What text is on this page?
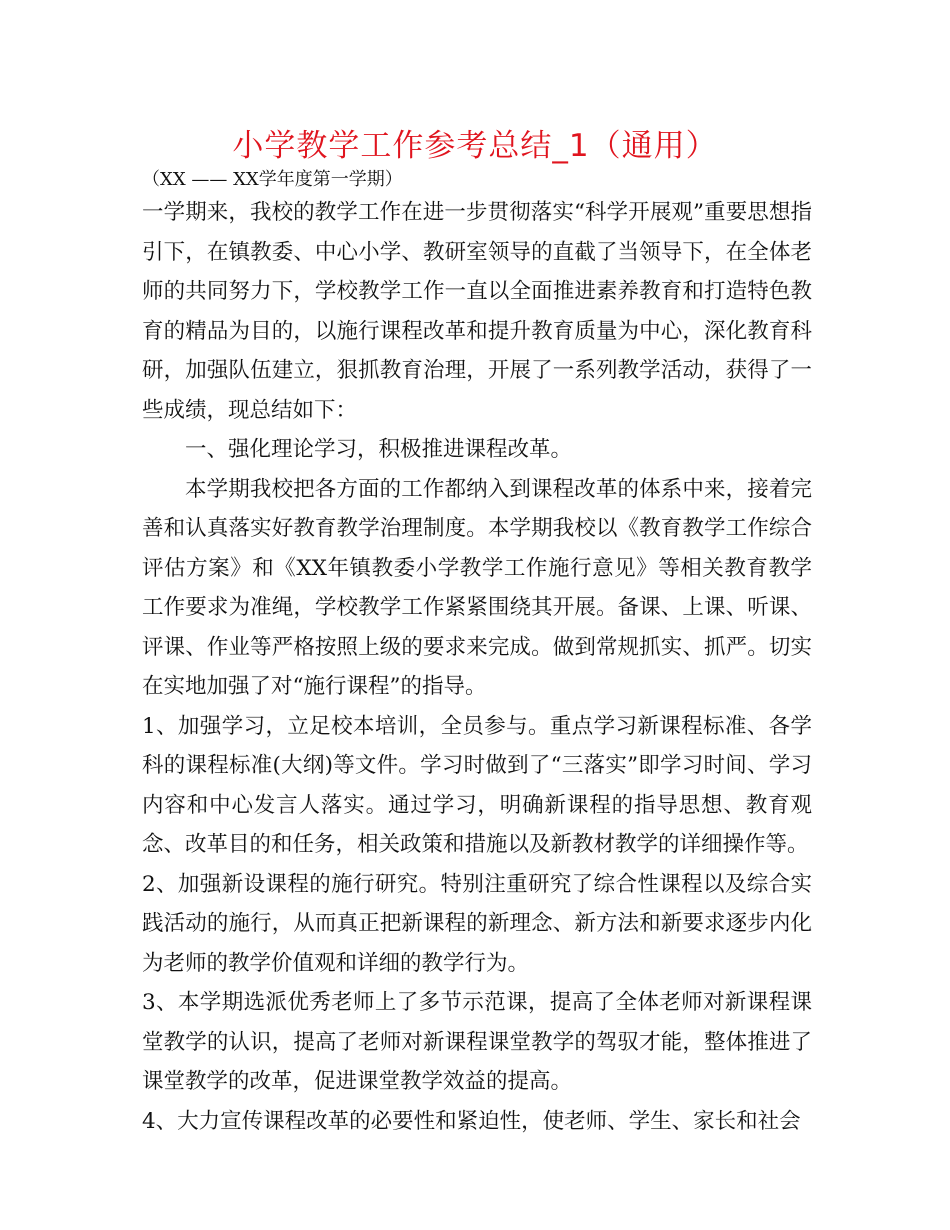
小学教学工作参考总结_1（通用）
（XX —— XX学年度第一学期）

一学期来，我校的教学工作在进一步贯彻落实“科学开展观”重要思想指引下，在镇教委、中心小学、教研室领导的直截了当领导下，在全体老师的共同努力下，学校教学工作一直以全面推进素养教育和打造特色教育的精品为目的，以施行课程改革和提升教育质量为中心，深化教育科研，加强队伍建立，狠抓教育治理，开展了一系列教学活动，获得了一些成绩，现总结如下：

一、强化理论学习，积极推进课程改革。

本学期我校把各方面的工作都纳入到课程改革的体系中来，接着完善和认真落实好教育教学治理制度。本学期我校以《教育教学工作综合评估方案》和《XX年镇教委小学教学工作施行意见》等相关教育教学工作要求为准绳，学校教学工作紧紧围绕其开展。备课、上课、听课、评课、作业等严格按照上级的要求来完成。做到常规抓实、抓严。切实在实地加强了对“施行课程”的指导。

1、加强学习，立足校本培训，全员参与。重点学习新课程标准、各学科的课程标准(大纲)等文件。学习时做到了“三落实”即学习时间、学习内容和中心发言人落实。通过学习，明确新课程的指导思想、教育观念、改革目的和任务，相关政策和措施以及新教材教学的详细操作等。

2、加强新设课程的施行研究。特别注重研究了综合性课程以及综合实践活动的施行，从而真正把新课程的新理念、新方法和新要求逐步内化为老师的教学价值观和详细的教学行为。

3、本学期选派优秀老师上了多节示范课，提高了全体老师对新课程课堂教学的认识，提高了老师对新课程课堂教学的驾驭才能，整体推进了课堂教学的改革，促进课堂教学效益的提高。

4、大力宣传课程改革的必要性和紧迫性，使老师、学生、家长和社会
